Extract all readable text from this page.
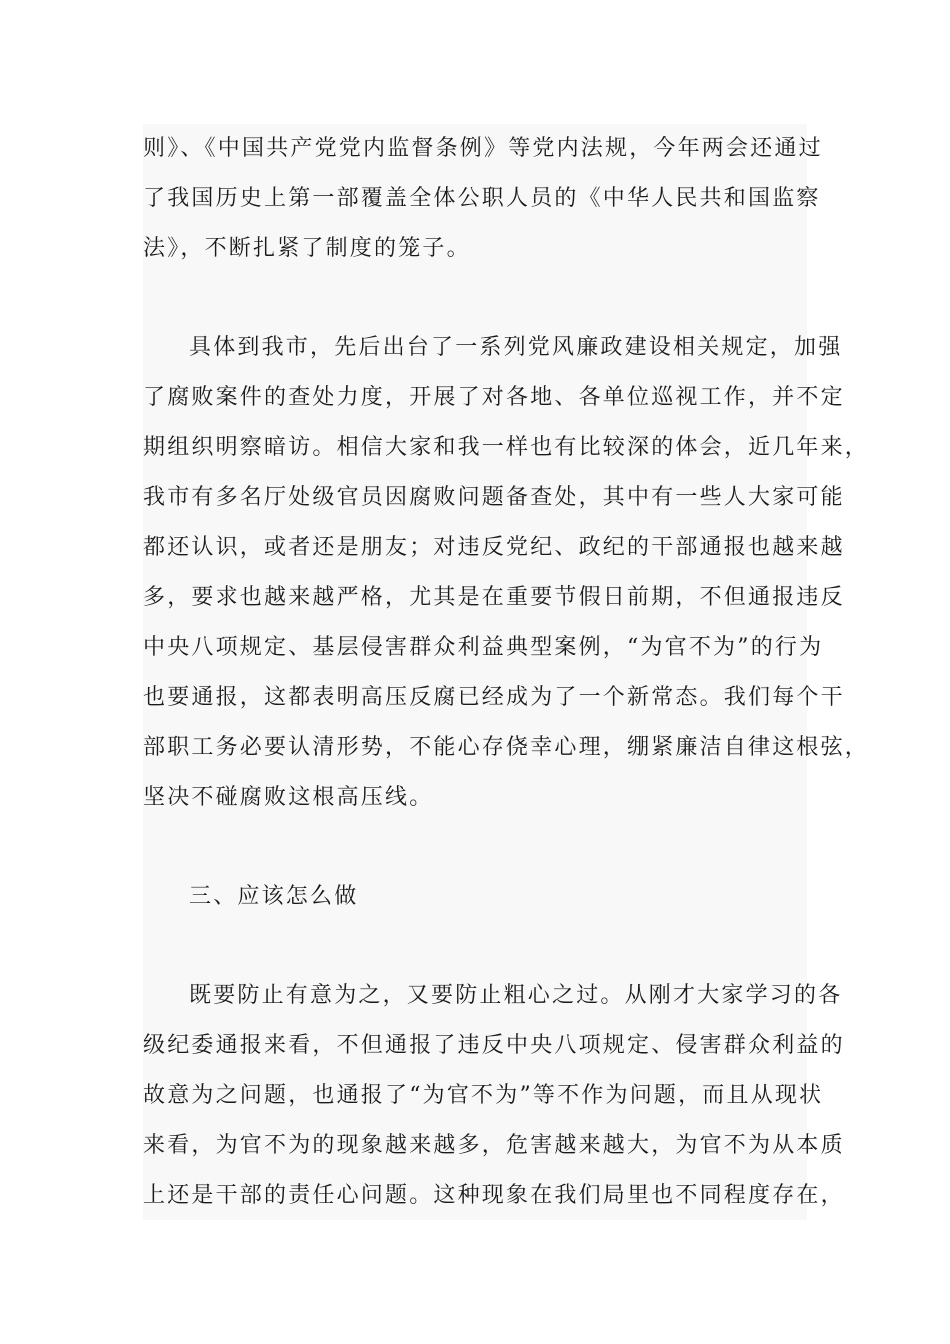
则》、《中国共产党党内监督条例》等党内法规，今年两会还通过
了我国历史上第一部覆盖全体公职人员的《中华人民共和国监察
法》，不断扎紧了制度的笼子。
具体到我市，先后出台了一系列党风廉政建设相关规定，加强
了腐败案件的查处力度，开展了对各地、各单位巡视工作，并不定
期组织明察暗访。相信大家和我一样也有比较深的体会，近几年来，
我市有多名厅处级官员因腐败问题备查处，其中有一些人大家可能
都还认识，或者还是朋友；对违反党纪、政纪的干部通报也越来越
多，要求也越来越严格，尤其是在重要节假日前期，不但通报违反
中央八项规定、基层侵害群众利益典型案例，“为官不为”的行为
也要通报，这都表明高压反腐已经成为了一个新常态。我们每个干
部职工务必要认清形势，不能心存侥幸心理，绷紧廉洁自律这根弦，
坚决不碰腐败这根高压线。
三、应该怎么做
既要防止有意为之，又要防止粗心之过。从刚才大家学习的各
级纪委通报来看，不但通报了违反中央八项规定、侵害群众利益的
故意为之问题，也通报了“为官不为”等不作为问题，而且从现状
来看，为官不为的现象越来越多，危害越来越大，为官不为从本质
上还是干部的责任心问题。这种现象在我们局里也不同程度存在，
